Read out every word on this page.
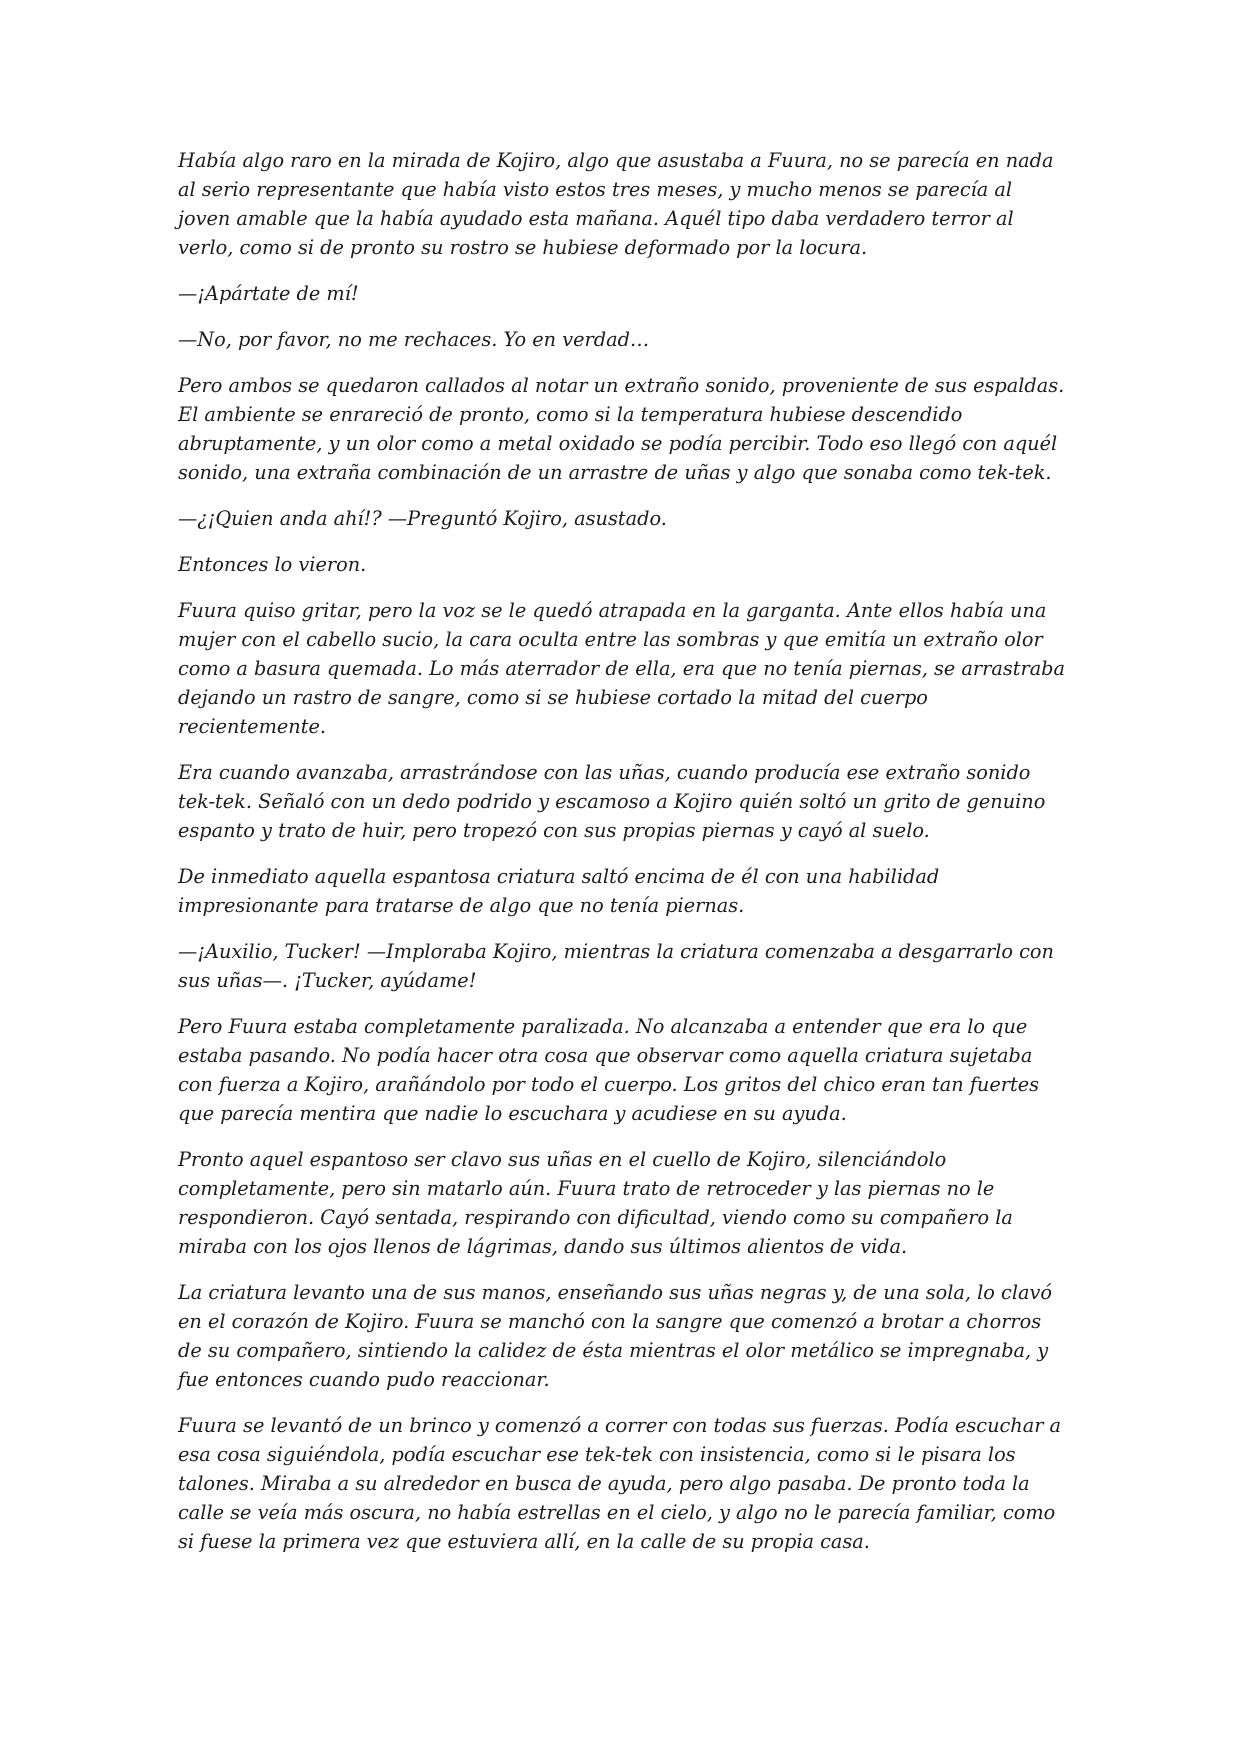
Había algo raro en la mirada de Kojiro, algo que asustaba a Fuura, no se parecía en nada al serio representante que había visto estos tres meses, y mucho menos se parecía al joven amable que la había ayudado esta mañana. Aquél tipo daba verdadero terror al verlo, como si de pronto su rostro se hubiese deformado por la locura.

—¡Apártate de mí!

—No, por favor, no me rechaces. Yo en verdad…

Pero ambos se quedaron callados al notar un extraño sonido, proveniente de sus espaldas. El ambiente se enrareció de pronto, como si la temperatura hubiese descendido abruptamente, y un olor como a metal oxidado se podía percibir. Todo eso llegó con aquél sonido, una extraña combinación de un arrastre de uñas y algo que sonaba como tek-tek.

—¿¡Quien anda ahí!? —Preguntó Kojiro, asustado.

Entonces lo vieron.

Fuura quiso gritar, pero la voz se le quedó atrapada en la garganta. Ante ellos había una mujer con el cabello sucio, la cara oculta entre las sombras y que emitía un extraño olor como a basura quemada. Lo más aterrador de ella, era que no tenía piernas, se arrastraba dejando un rastro de sangre, como si se hubiese cortado la mitad del cuerpo recientemente.

Era cuando avanzaba, arrastrándose con las uñas, cuando producía ese extraño sonido tek-tek. Señaló con un dedo podrido y escamoso a Kojiro quién soltó un grito de genuino espanto y trato de huir, pero tropezó con sus propias piernas y cayó al suelo.

De inmediato aquella espantosa criatura saltó encima de él con una habilidad impresionante para tratarse de algo que no tenía piernas.

—¡Auxilio, Tucker! —Imploraba Kojiro, mientras la criatura comenzaba a desgarrarlo con sus uñas—. ¡Tucker, ayúdame!

Pero Fuura estaba completamente paralizada. No alcanzaba a entender que era lo que estaba pasando. No podía hacer otra cosa que observar como aquella criatura sujetaba con fuerza a Kojiro, arañándolo por todo el cuerpo. Los gritos del chico eran tan fuertes que parecía mentira que nadie lo escuchara y acudiese en su ayuda.

Pronto aquel espantoso ser clavo sus uñas en el cuello de Kojiro, silenciándolo completamente, pero sin matarlo aún. Fuura trato de retroceder y las piernas no le respondieron. Cayó sentada, respirando con dificultad, viendo como su compañero la miraba con los ojos llenos de lágrimas, dando sus últimos alientos de vida.

La criatura levanto una de sus manos, enseñando sus uñas negras y, de una sola, lo clavó en el corazón de Kojiro. Fuura se manchó con la sangre que comenzó a brotar a chorros de su compañero, sintiendo la calidez de ésta mientras el olor metálico se impregnaba, y fue entonces cuando pudo reaccionar.

Fuura se levantó de un brinco y comenzó a correr con todas sus fuerzas. Podía escuchar a esa cosa siguiéndola, podía escuchar ese tek-tek con insistencia, como si le pisara los talones. Miraba a su alrededor en busca de ayuda, pero algo pasaba. De pronto toda la calle se veía más oscura, no había estrellas en el cielo, y algo no le parecía familiar, como si fuese la primera vez que estuviera allí, en la calle de su propia casa.
